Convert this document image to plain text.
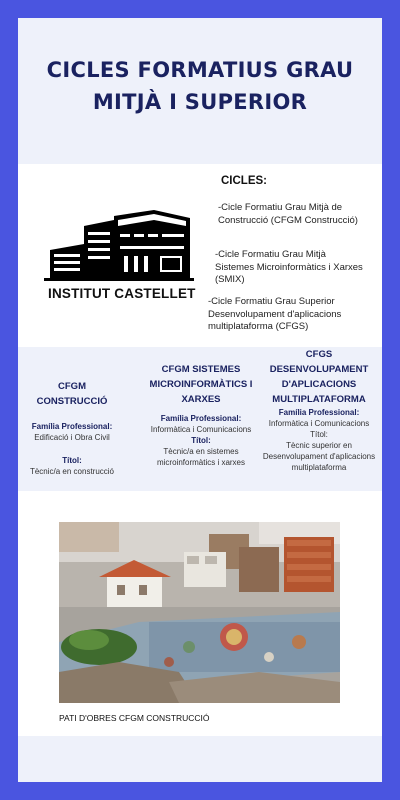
CICLES FORMATIUS GRAU
MITJÀ I SUPERIOR
INSTITUT CASTELLET
CICLES:
-Cicle Formatiu Grau Mitjà de Construcció (CFGM Construcció)
-Cicle Formatiu Grau Mitjà Sistemes Microinformàtics i Xarxes (SMIX)
-Cicle Formatiu Grau Superior Desenvolupament d'aplicacions multiplataforma (CFGS)
CFGM
CONSTRUCCIÓ
Família Professional:
Edificació i Obra Civil
Títol:
Tècnic/a en construcció
CFGM SISTEMES
MICROINFORMÀTICS I
XARXES
Família Professional:
Informàtica i Comunicacions
Títol:
Tècnic/a en sistemes microinformàtics i xarxes
CFGS
DESENVOLUPAMENT
D'APLICACIONS
MULTIPLATAFORMA
Família Professional:
Informàtica i Comunicacions
Títol:
Tècnic superior en Desenvolupament d'aplicacions multiplataforma
PATI D'OBRES CFGM CONSTRUCCIÓ
